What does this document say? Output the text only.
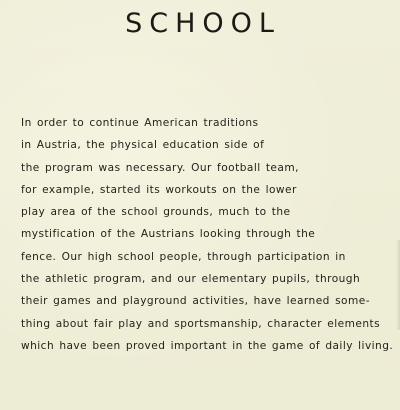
SCHOOL
In order to continue American traditions
in Austria, the physical education side of
the program was necessary. Our football team,
for example, started its workouts on the lower
play area of the school grounds, much to the
mystification of the Austrians looking through the
fence. Our high school people, through participation in
the athletic program, and our elementary pupils, through
their games and playground activities, have learned some-
thing about fair play and sportsmanship, character elements
which have been proved important in the game of daily living.
